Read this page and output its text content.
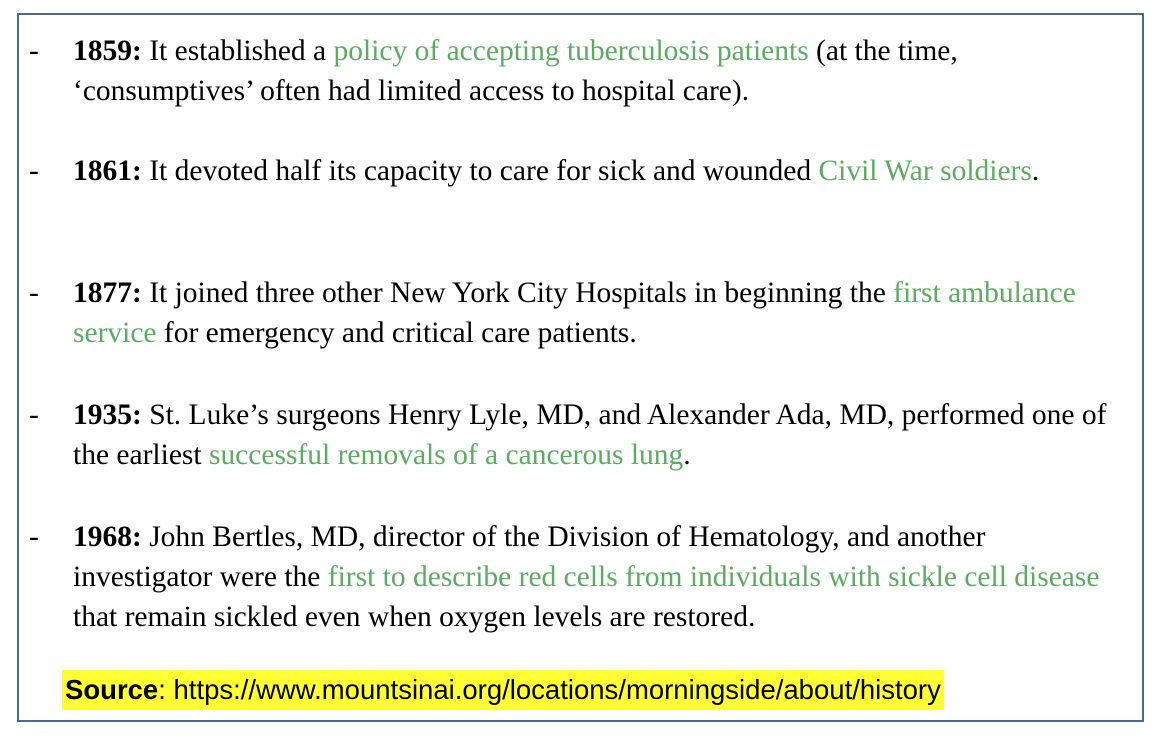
- 1859: It established a policy of accepting tuberculosis patients (at the time, ‘consumptives’ often had limited access to hospital care).
- 1861: It devoted half its capacity to care for sick and wounded Civil War soldiers.
- 1877: It joined three other New York City Hospitals in beginning the first ambulance service for emergency and critical care patients.
- 1935: St. Luke’s surgeons Henry Lyle, MD, and Alexander Ada, MD, performed one of the earliest successful removals of a cancerous lung.
- 1968: John Bertles, MD, director of the Division of Hematology, and another investigator were the first to describe red cells from individuals with sickle cell disease that remain sickled even when oxygen levels are restored.
Source: https://www.mountsinai.org/locations/morningside/about/history
